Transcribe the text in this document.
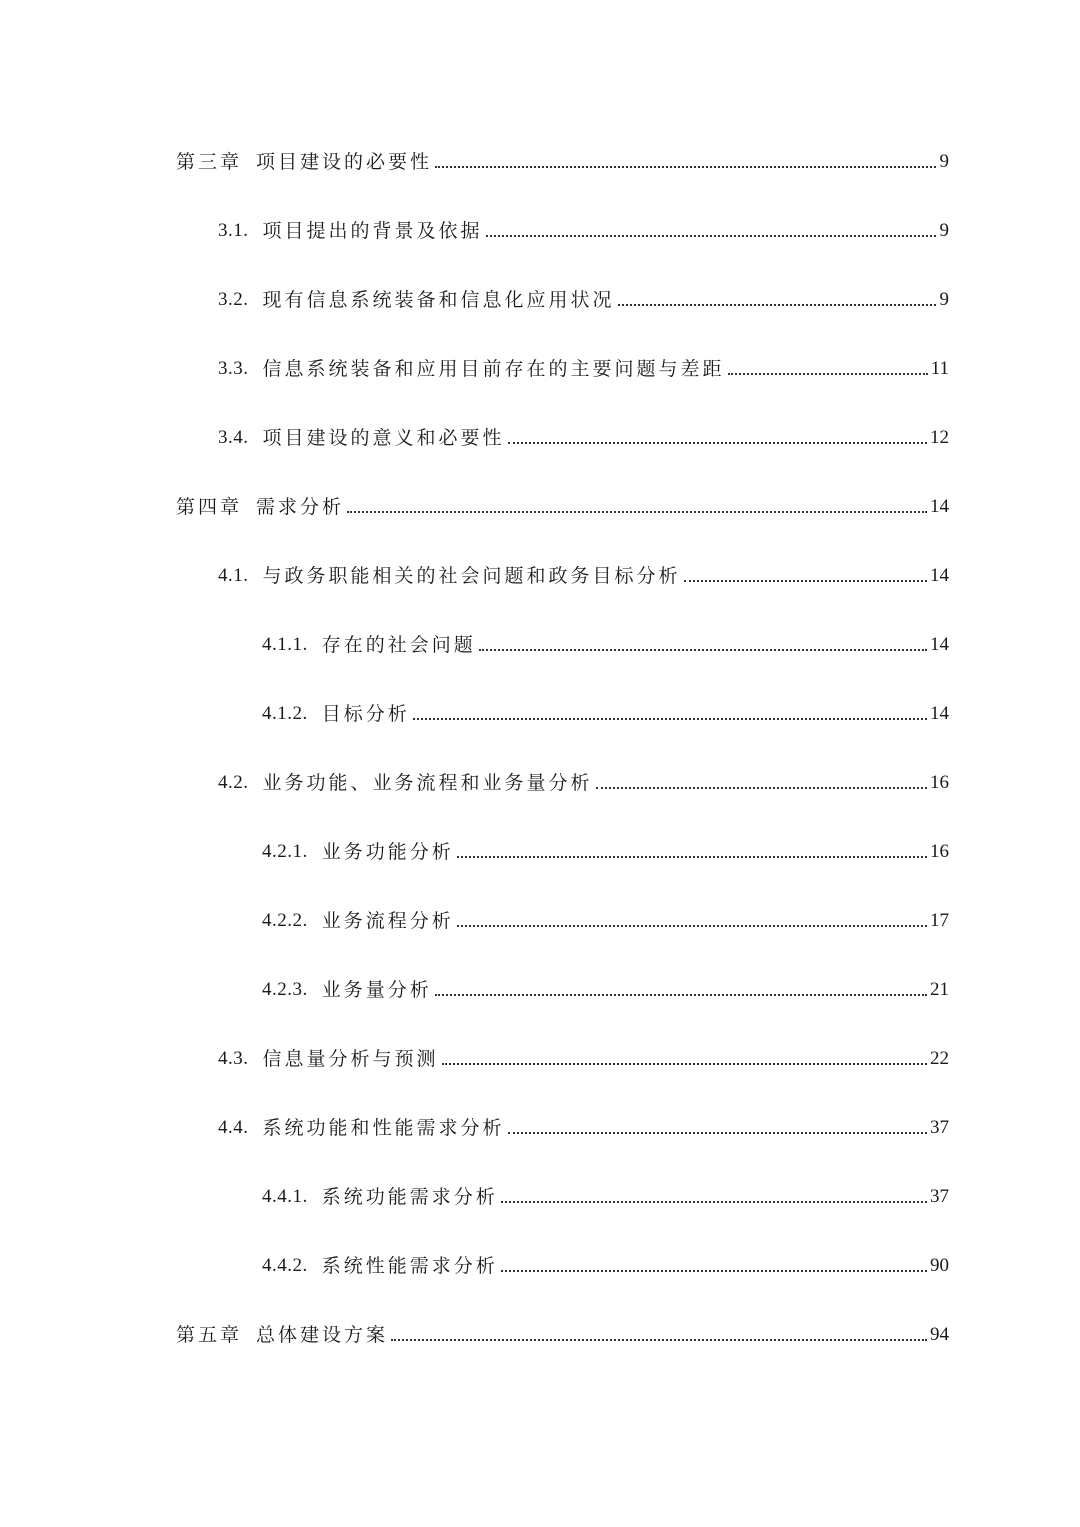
第三章 项目建设的必要性	9
3.1. 项目提出的背景及依据	9
3.2. 现有信息系统装备和信息化应用状况	9
3.3. 信息系统装备和应用目前存在的主要问题与差距	11
3.4. 项目建设的意义和必要性	12
第四章 需求分析	14
4.1. 与政务职能相关的社会问题和政务目标分析	14
4.1.1. 存在的社会问题	14
4.1.2. 目标分析	14
4.2. 业务功能、业务流程和业务量分析	16
4.2.1. 业务功能分析	16
4.2.2. 业务流程分析	17
4.2.3. 业务量分析	21
4.3. 信息量分析与预测	22
4.4. 系统功能和性能需求分析	37
4.4.1. 系统功能需求分析	37
4.4.2. 系统性能需求分析	90
第五章 总体建设方案	94
